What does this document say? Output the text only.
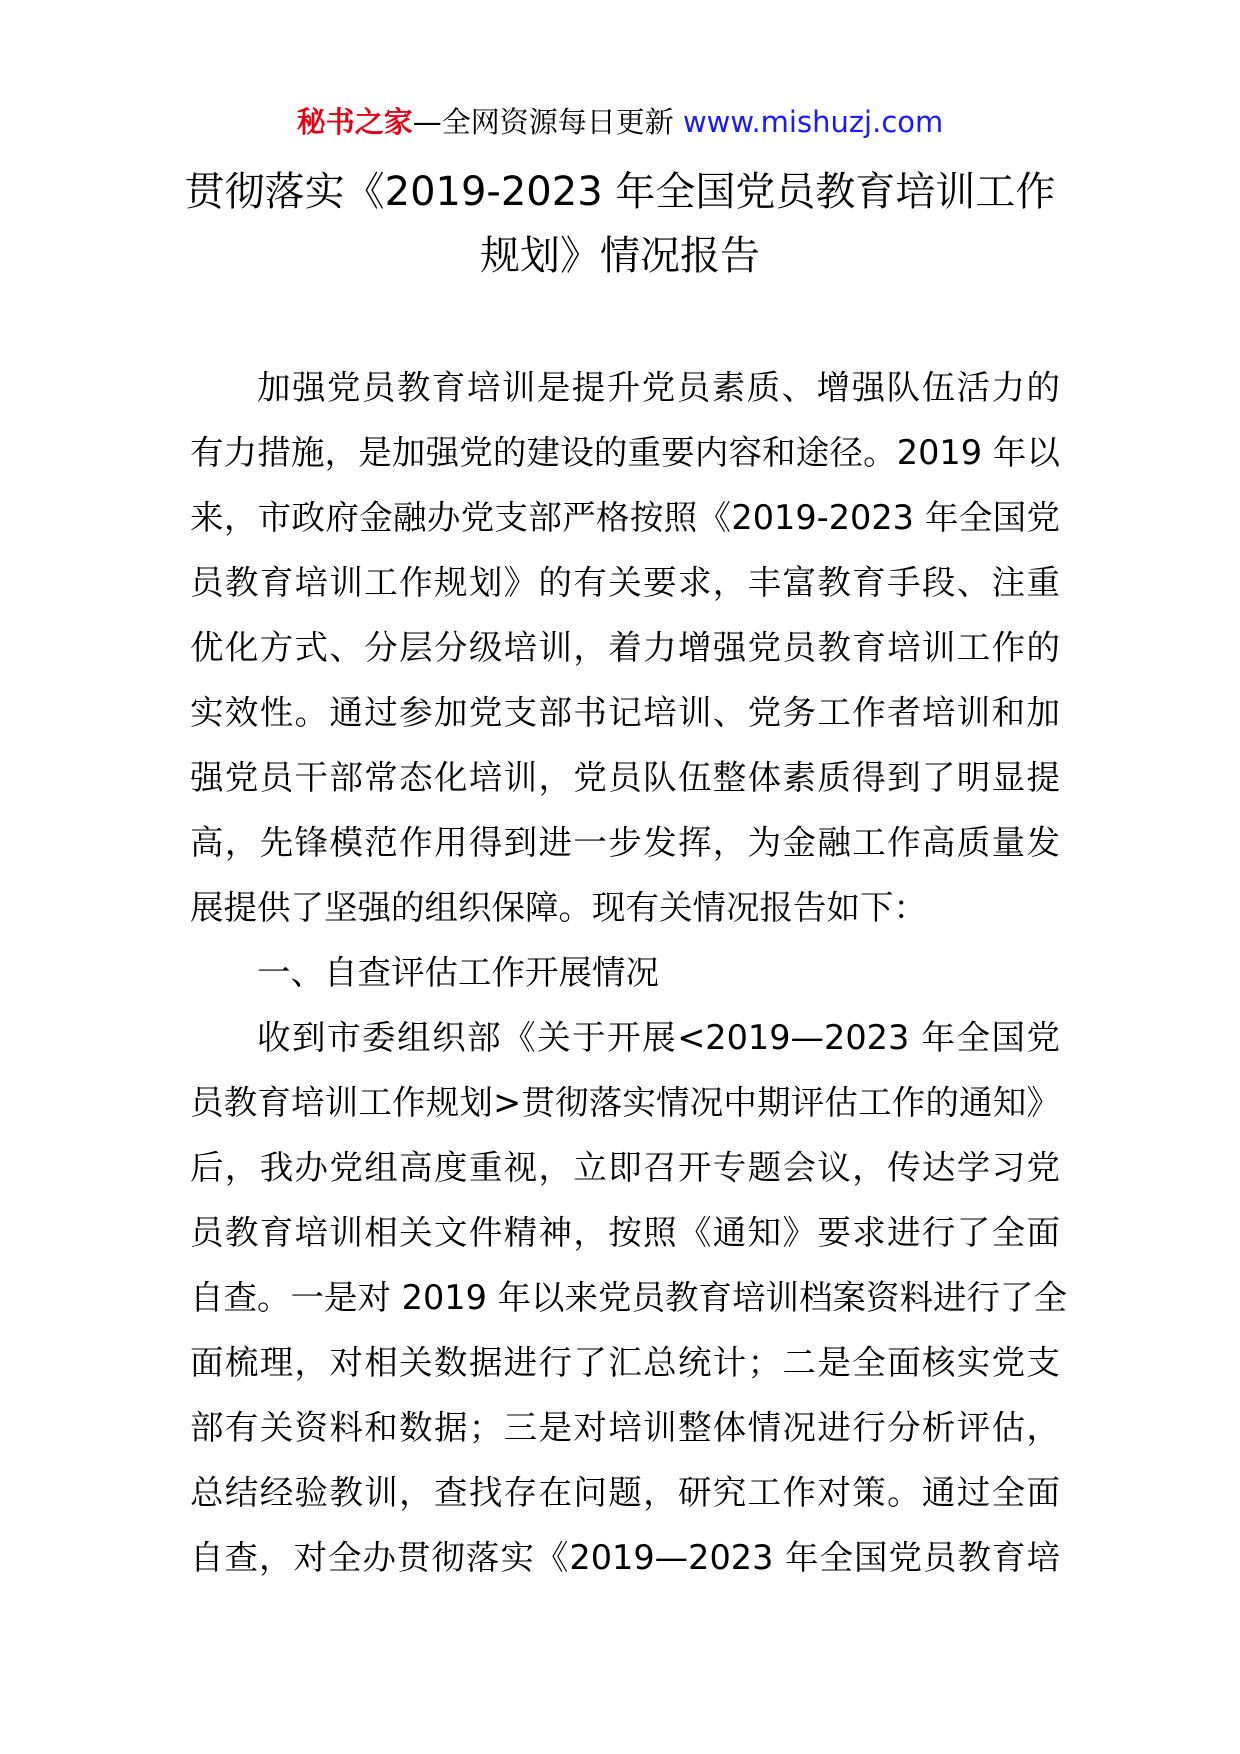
秘书之家—全网资源每日更新 www.mishuzj.com
贯彻落实《2019-2023 年全国党员教育培训工作
规划》情况报告
加强党员教育培训是提升党员素质、增强队伍活力的
有力措施，是加强党的建设的重要内容和途径。2019 年以
来，市政府金融办党支部严格按照《2019-2023 年全国党
员教育培训工作规划》的有关要求，丰富教育手段、注重
优化方式、分层分级培训，着力增强党员教育培训工作的
实效性。通过参加党支部书记培训、党务工作者培训和加
强党员干部常态化培训，党员队伍整体素质得到了明显提
高，先锋模范作用得到进一步发挥，为金融工作高质量发
展提供了坚强的组织保障。现有关情况报告如下：
一、自查评估工作开展情况
收到市委组织部《关于开展<2019—2023 年全国党
员教育培训工作规划>贯彻落实情况中期评估工作的通知》
后，我办党组高度重视，立即召开专题会议，传达学习党
员教育培训相关文件精神，按照《通知》要求进行了全面
自查。一是对 2019 年以来党员教育培训档案资料进行了全
面梳理，对相关数据进行了汇总统计；二是全面核实党支
部有关资料和数据；三是对培训整体情况进行分析评估，
总结经验教训，查找存在问题，研究工作对策。通过全面
自查，对全办贯彻落实《2019—2023 年全国党员教育培
